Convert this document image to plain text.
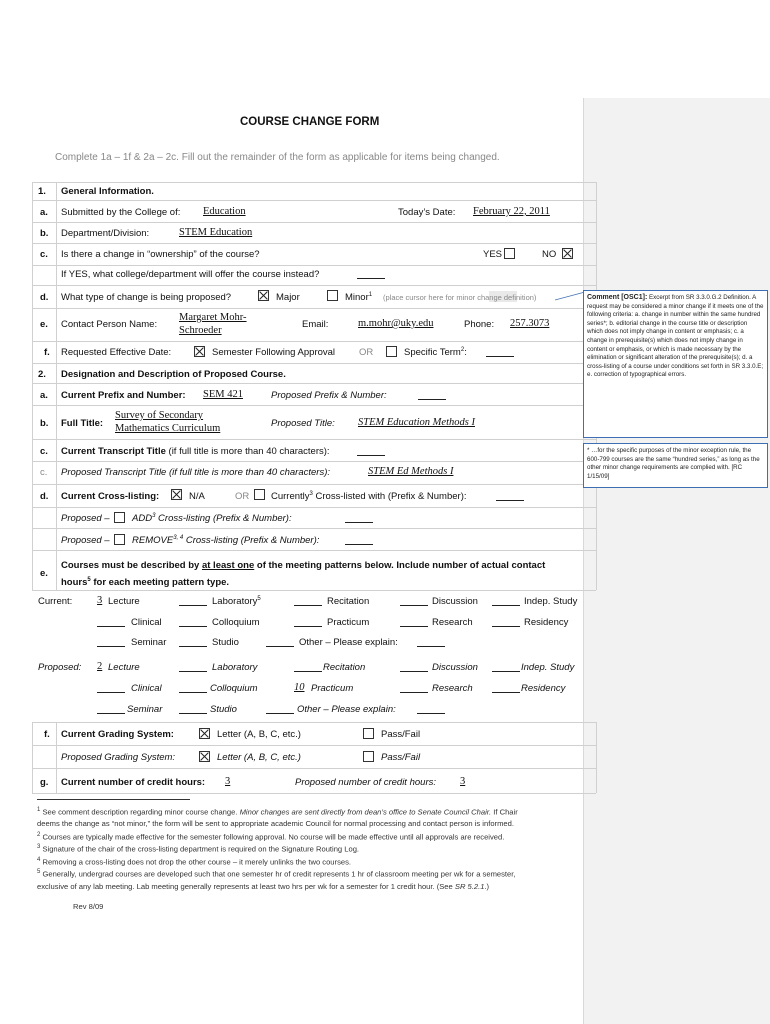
COURSE CHANGE FORM
Complete 1a – 1f & 2a – 2c. Fill out the remainder of the form as applicable for items being changed.
1. General Information.
a. Submitted by the College of: Education	Today’s Date: February 22, 2011
b. Department/Division:	STEM Education
c. Is there a change in “ownership” of the course?	YES	NO
If YES, what college/department will offer the course instead?
d. What type of change is being proposed?	Major	Minor$^1$ (place cursor here for minor change definition)
e. Contact Person Name:
Margaret Mohr-
Schroeder
Email:	m.mohr@uky.edu	Phone: 257.3073
f. Requested Effective Date:	Semester Following Approval	OR	Specific Term$^2$:
2. Designation and Description of Proposed Course.
a. Current Prefix and Number: SEM 421	Proposed Prefix & Number:
b. Full Title:
Survey of Secondary
Mathematics Curriculum	Proposed Title: STEM Education Methods I
c. Current Transcript Title (if full title is more than 40 characters):
c. Proposed Transcript Title (if full title is more than 40 characters):	STEM Ed Methods I
d. Current Cross-listing:	N/A	OR Currently$^3$ Cross-listed with (Prefix & Number):
Proposed – ADD$^3$ Cross-listing (Prefix & Number):
Proposed – REMOVE$^{3, 4}$ Cross-listing (Prefix & Number):
e.
Courses must be described by at least one of the meeting patterns below. Include number of actual contact
hours$^5$ for each meeting pattern type.
Current: 3 Lecture	Laboratory$^5$	Recitation	Discussion	Indep. Study
Clinical	Colloquium	Practicum	Research	Residency
Seminar	Studio	Other – Please explain:
Proposed: 2 Lecture	Laboratory	Recitation	Discussion	Indep. Study
Clinical	Colloquium	10 Practicum	Research	Residency
Seminar	Studio	Other – Please explain:
f. Current Grading System:	Letter (A, B, C, etc.)	Pass/Fail
Proposed Grading System:	Letter (A, B, C, etc.)	Pass/Fail
g. Current number of credit hours: 3	Proposed number of credit hours: 3
$^1$ See comment description regarding minor course change. Minor changes are sent directly from dean’s office to Senate Council Chair. If Chair
deems the change as “not minor,” the form will be sent to appropriate academic Council for normal processing and contact person is informed.
$^2$ Courses are typically made effective for the semester following approval. No course will be made effective until all approvals are received.
$^3$ Signature of the chair of the cross-listing department is required on the Signature Routing Log.
$^4$ Removing a cross-listing does not drop the other course – it merely unlinks the two courses.
$^5$ Generally, undergrad courses are developed such that one semester hr of credit represents 1 hr of classroom meeting per wk for a semester,
exclusive of any lab meeting. Lab meeting generally represents at least two hrs per wk for a semester for 1 credit hour. (See SR 5.2.1.)
Rev 8/09
Comment [OSC1]: Excerpt from SR 3.3.0.G.2 Definition. A request may be considered a minor change if it meets one of the following criteria: a. change in number within the same hundred series*; b. editorial change in the course title or description which does not imply change in content or emphasis; c. a change in prerequisite(s) which does not imply change in content or emphasis, or which is made necessary by the elimination or significant alteration of the prerequisite(s); d. a cross-listing of a course under conditions set forth in SR 3.3.0.E; e. correction of typographical errors.
* …for the specific purposes of the minor exception rule, the 600-799 courses are the same “hundred series,” as long as the other minor change requirements are complied with. [RC 1/15/09]
